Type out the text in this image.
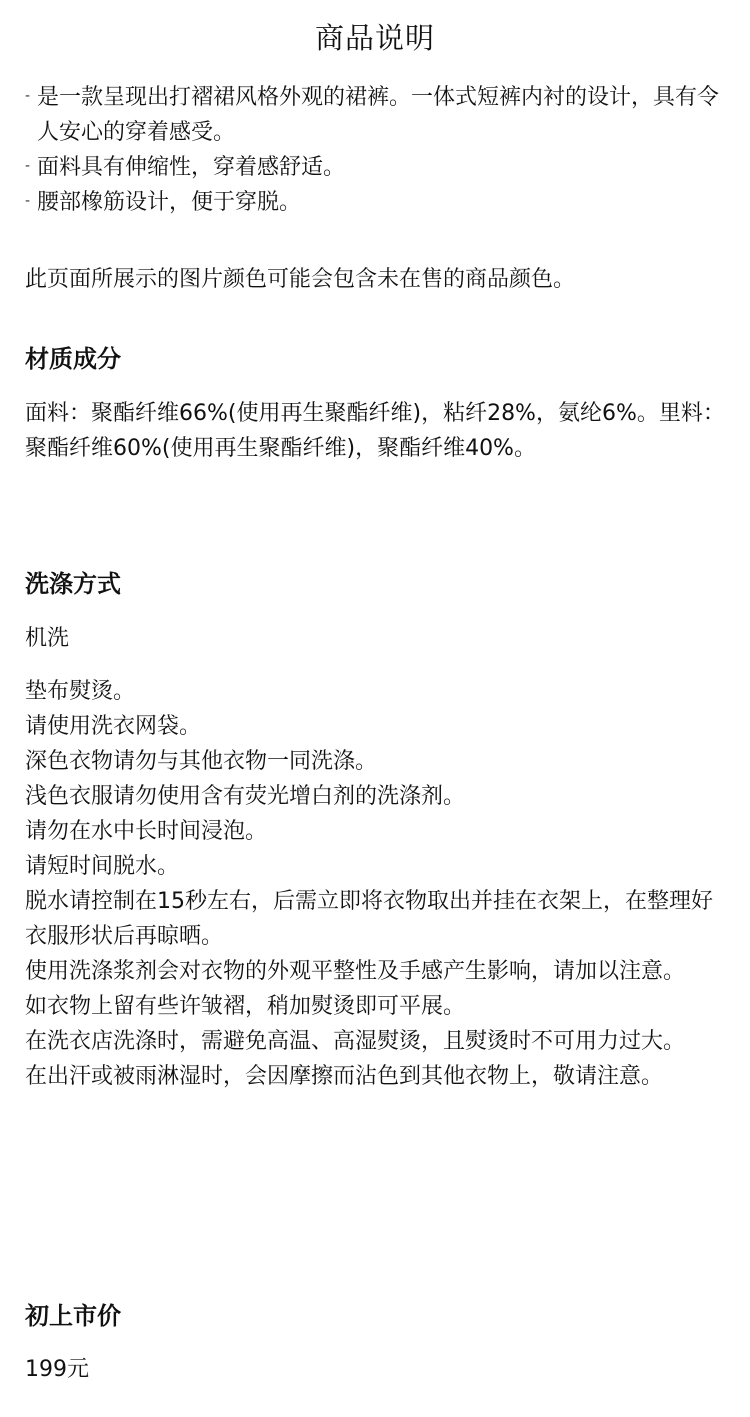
商品说明
- 是一款呈现出打褶裙风格外观的裙裤。一体式短裤内衬的设计，具有令人安心的穿着感受。
- 面料具有伸缩性，穿着感舒适。
- 腰部橡筋设计，便于穿脱。
此页面所展示的图片颜色可能会包含未在售的商品颜色。
材质成分
面料：聚酯纤维66%(使用再生聚酯纤维)，粘纤28%，氨纶6%。里料：聚酯纤维60%(使用再生聚酯纤维)，聚酯纤维40%。
洗涤方式
机洗
垫布熨烫。
请使用洗衣网袋。
深色衣物请勿与其他衣物一同洗涤。
浅色衣服请勿使用含有荧光增白剂的洗涤剂。
请勿在水中长时间浸泡。
请短时间脱水。
脱水请控制在15秒左右，后需立即将衣物取出并挂在衣架上，在整理好衣服形状后再晾晒。
使用洗涤浆剂会对衣物的外观平整性及手感产生影响，请加以注意。
如衣物上留有些许皱褶，稍加熨烫即可平展。
在洗衣店洗涤时，需避免高温、高湿熨烫，且熨烫时不可用力过大。
在出汗或被雨淋湿时，会因摩擦而沾色到其他衣物上，敬请注意。
初上市价
199元
